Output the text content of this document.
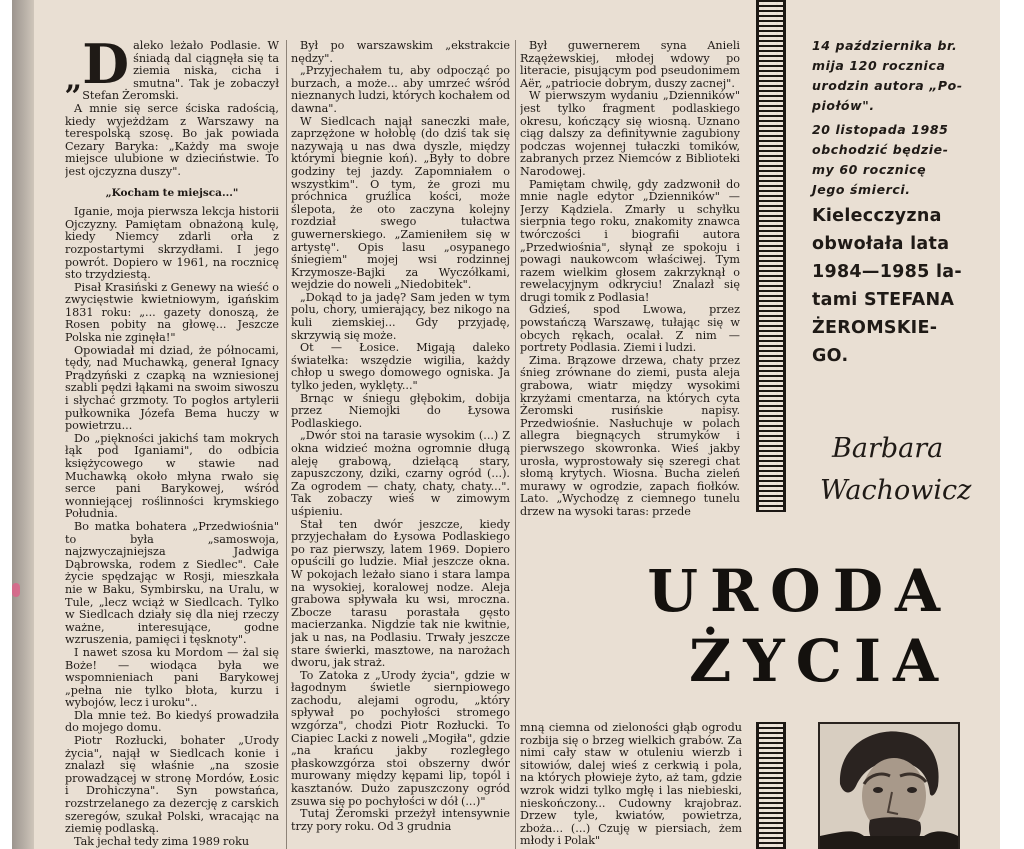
„ D aleko leżało Podlasie. W śniadą dal ciągnęła się ta ziemia niska, cicha i smutna". Tak je zobaczył Stefan Żeromski.

A mnie się serce ściska radością, kiedy wyjeżdżam z Warszawy na terespolską szosę. Bo jak powiada Cezary Baryka: „Każdy ma swoje miejsce ulubione w dzieciństwie. To jest ojczyzna duszy".

„Kocham te miejsca..."

Iganie, moja pierwsza lekcja historii Ojczyzny. Pamiętam obnażoną kulę, kiedy Niemcy zdarli orła z rozpostartymi skrzydłami. I jego powrót. Dopiero w 1961, na rocznicę sto trzydziestą.

Pisał Krasiński z Genewy na wieść o zwycięstwie kwietniowym, igańskim 1831 roku: „... gazety donoszą, że Rosen pobity na głowę... Jeszcze Polska nie zginęła!"

Opowiadał mi dziad, że północami, tędy, nad Muchawką, generał Ignacy Prądzyński z czapką na wzniesionej szabli pędzi łąkami na swoim siwoszu i słychać grzmoty. To pogłos artylerii pułkownika Józefa Bema huczy w powietrzu...

Do „piękności jakichś tam mokrych łąk pod Iganiami", do odbicia księżycowego w stawie nad Muchawką około młyna rwało się serce pani Barykowej, wśród wonniejącej roślinności krymskiego Południa.

Bo matka bohatera „Przedwiośnia" to była „samoswoja, najzwyczajniejsza Jadwiga Dąbrowska, rodem z Siedlec". Całe życie spędzając w Rosji, mieszkała nie w Baku, Symbirsku, na Uralu, w Tule, „lecz wciąż w Siedlcach. Tylko w Siedlcach działy się dla niej rzeczy ważne, interesujące, godne wzruszenia, pamięci i tęsknoty".

I nawet szosa ku Mordom — żal się Boże! — wiodąca była we wspomnieniach pani Barykowej „pełna nie tylko błota, kurzu i wybojów, lecz i uroku"..

Dla mnie też. Bo kiedyś prowadziła do mojego domu.

Piotr Rozłucki, bohater „Urody życia", najął w Siedlcach konie i znalazł się właśnie „na szosie prowadzącej w stronę Mordów, Łosic i Drohiczyna". Syn powstańca, rozstrzelanego za dezercję z carskich szeregów, szukał Polski, wracając na ziemię podlaską.

Tak jechał tedy zima 1989 roku

Był po warszawskim „ekstrakcie nędzy".

„Przyjechałem tu, aby odpocząć po burzach, a może... aby umrzeć wśród nieznanych ludzi, których kochałem od dawna".

W Siedlcach najął saneczki małe, zaprzężone w hołoblę (do dziś tak się nazywają u nas dwa dyszle, między którymi biegnie koń). „Były to dobre godziny tej jazdy. Zapomniałem o wszystkim". O tym, że grozi mu próchnica gruźlica kości, może ślepota, że oto zaczyna kolejny rozdział swego tułactwa guwernerskiego. „Zamieniłem się w artystę". Opis lasu „osypanego śniegiem" mojej wsi rodzinnej Krzymosze-Bajki za Wyczółkami, wejdzie do noweli „Niedobitek".

„Dokąd to ja jadę? Sam jeden w tym polu, chory, umierający, bez nikogo na kuli ziemskiej... Gdy przyjadę, skrzywią się może.

Ot — Łosice. Migają daleko światełka: wszędzie wigilia, każdy chłop u swego domowego ogniska. Ja tylko jeden, wyklęty..."

Brnąc w śniegu głębokim, dobija przez Niemojki do Łysowa Podlaskiego.

„Dwór stoi na tarasie wysokim (...) Z okna widzieć można ogromnie długą aleję grabową, dziełącą stary, zapuszczony, dziki, czarny ogród (...). Za ogrodem — chaty, chaty, chaty...". Tak zobaczy wieś w zimowym uśpieniu.

Stał ten dwór jeszcze, kiedy przyjechałam do Łysowa Podlaskiego po raz pierwszy, latem 1969. Dopiero opuścili go ludzie. Miał jeszcze okna. W pokojach leżało siano i stara lampa na wysokiej, koralowej nodze. Aleja grabowa spływała ku wsi, mroczna. Zbocze tarasu porastała gęsto macierzanka. Nigdzie tak nie kwitnie, jak u nas, na Podlasiu. Trwały jeszcze stare świerki, masztowe, na narożach dworu, jak straż.

To Zatoka z „Urody życia", gdzie w łagodnym świetle siernpiowego zachodu, alejami ogrodu, „który spływał po pochyłości stromego wzgórza", chodzi Piotr Rozłucki. To Ciapiec Lacki z noweli „Mogiła", gdzie „na krańcu jakby rozległego płaskowzgórza stoi obszerny dwór murowany między kępami lip, topól i kasztanów. Dużo zapuszczony ogród zsuwa się po pochyłości w dół (...)"

Tutaj Żeromski przeżył intensywnie trzy pory roku. Od 3 grudnia

Był guwernerem syna Anieli Rząężewskiej, młodej wdowy po literacie, pisującym pod pseudonimem Aër, „patriocie dobrym, duszy zacnej".

W pierwszym wydaniu „Dzienników" jest tylko fragment podlaskiego okresu, kończący się wiosną. Uznano ciąg dalszy za definitywnie zagubiony podczas wojennej tułaczki tomików, zabranych przez Niemców z Biblioteki Narodowej.

Pamiętam chwilę, gdy zadzwonił do mnie nagle edytor „Dzienników" — Jerzy Kądziela. Zmarły u schyłku sierpnia tego roku, znakomity znawca twórczości i biografii autora „Przedwiośnia", słynął ze spokoju i powagi naukowcom właściwej. Tym razem wielkim głosem zakrzyknął o rewelacyjnym odkryciu! Znalazł się drugi tomik z Podlasia!

Gdzieś, spod Lwowa, przez powstańczą Warszawę, tułając się w obcych rękach, ocalał. Z nim — portrety Podlasia. Ziemi i ludzi.

Zima. Brązowe drzewa, chaty przez śnieg zrównane do ziemi, pusta aleja grabowa, wiatr między wysokimi krzyżami cmentarza, na których cyta Żeromski rusińskie napisy. Przedwiośnie. Nasłuchuje w polach allegra biegnących strumyków i pierwszego skowronka. Wieś jakby urosła, wyprostowały się szeregi chat słomą krytych. Wiosna. Bucha zieleń murawy w ogrodzie, zapach fiołków. Lato. „Wychodzę z ciemnego tunelu drzew na wysoki taras: przede

14 października br.
mija 120 rocznica
urodzin autora „Po-
piołów".
20 listopada 1985
obchodzić będzie-
my 60 rocznicę
Jego śmierci.
Kielecczyzna
obwołała lata
1984—1985 la-
tami STEFANA
ŻEROMSKIE-
GO.
Barbara
Wachowicz
URODA
ŻYCIA

mną ciemna od zieloności głąb ogrodu rozbija się o brzeg wielkich grabów. Za nimi cały staw w otuleniu wierzb i sitowiów, dalej wieś z cerkwią i pola, na których płowieje żyto, aż tam, gdzie wzrok widzi tylko mgłę i las niebieski, nieskończony... Cudowny krajobraz. Drzew tyle, kwiatów, powietrza, zboża... (...) Czuję w piersiach, żem młody i Polak"
